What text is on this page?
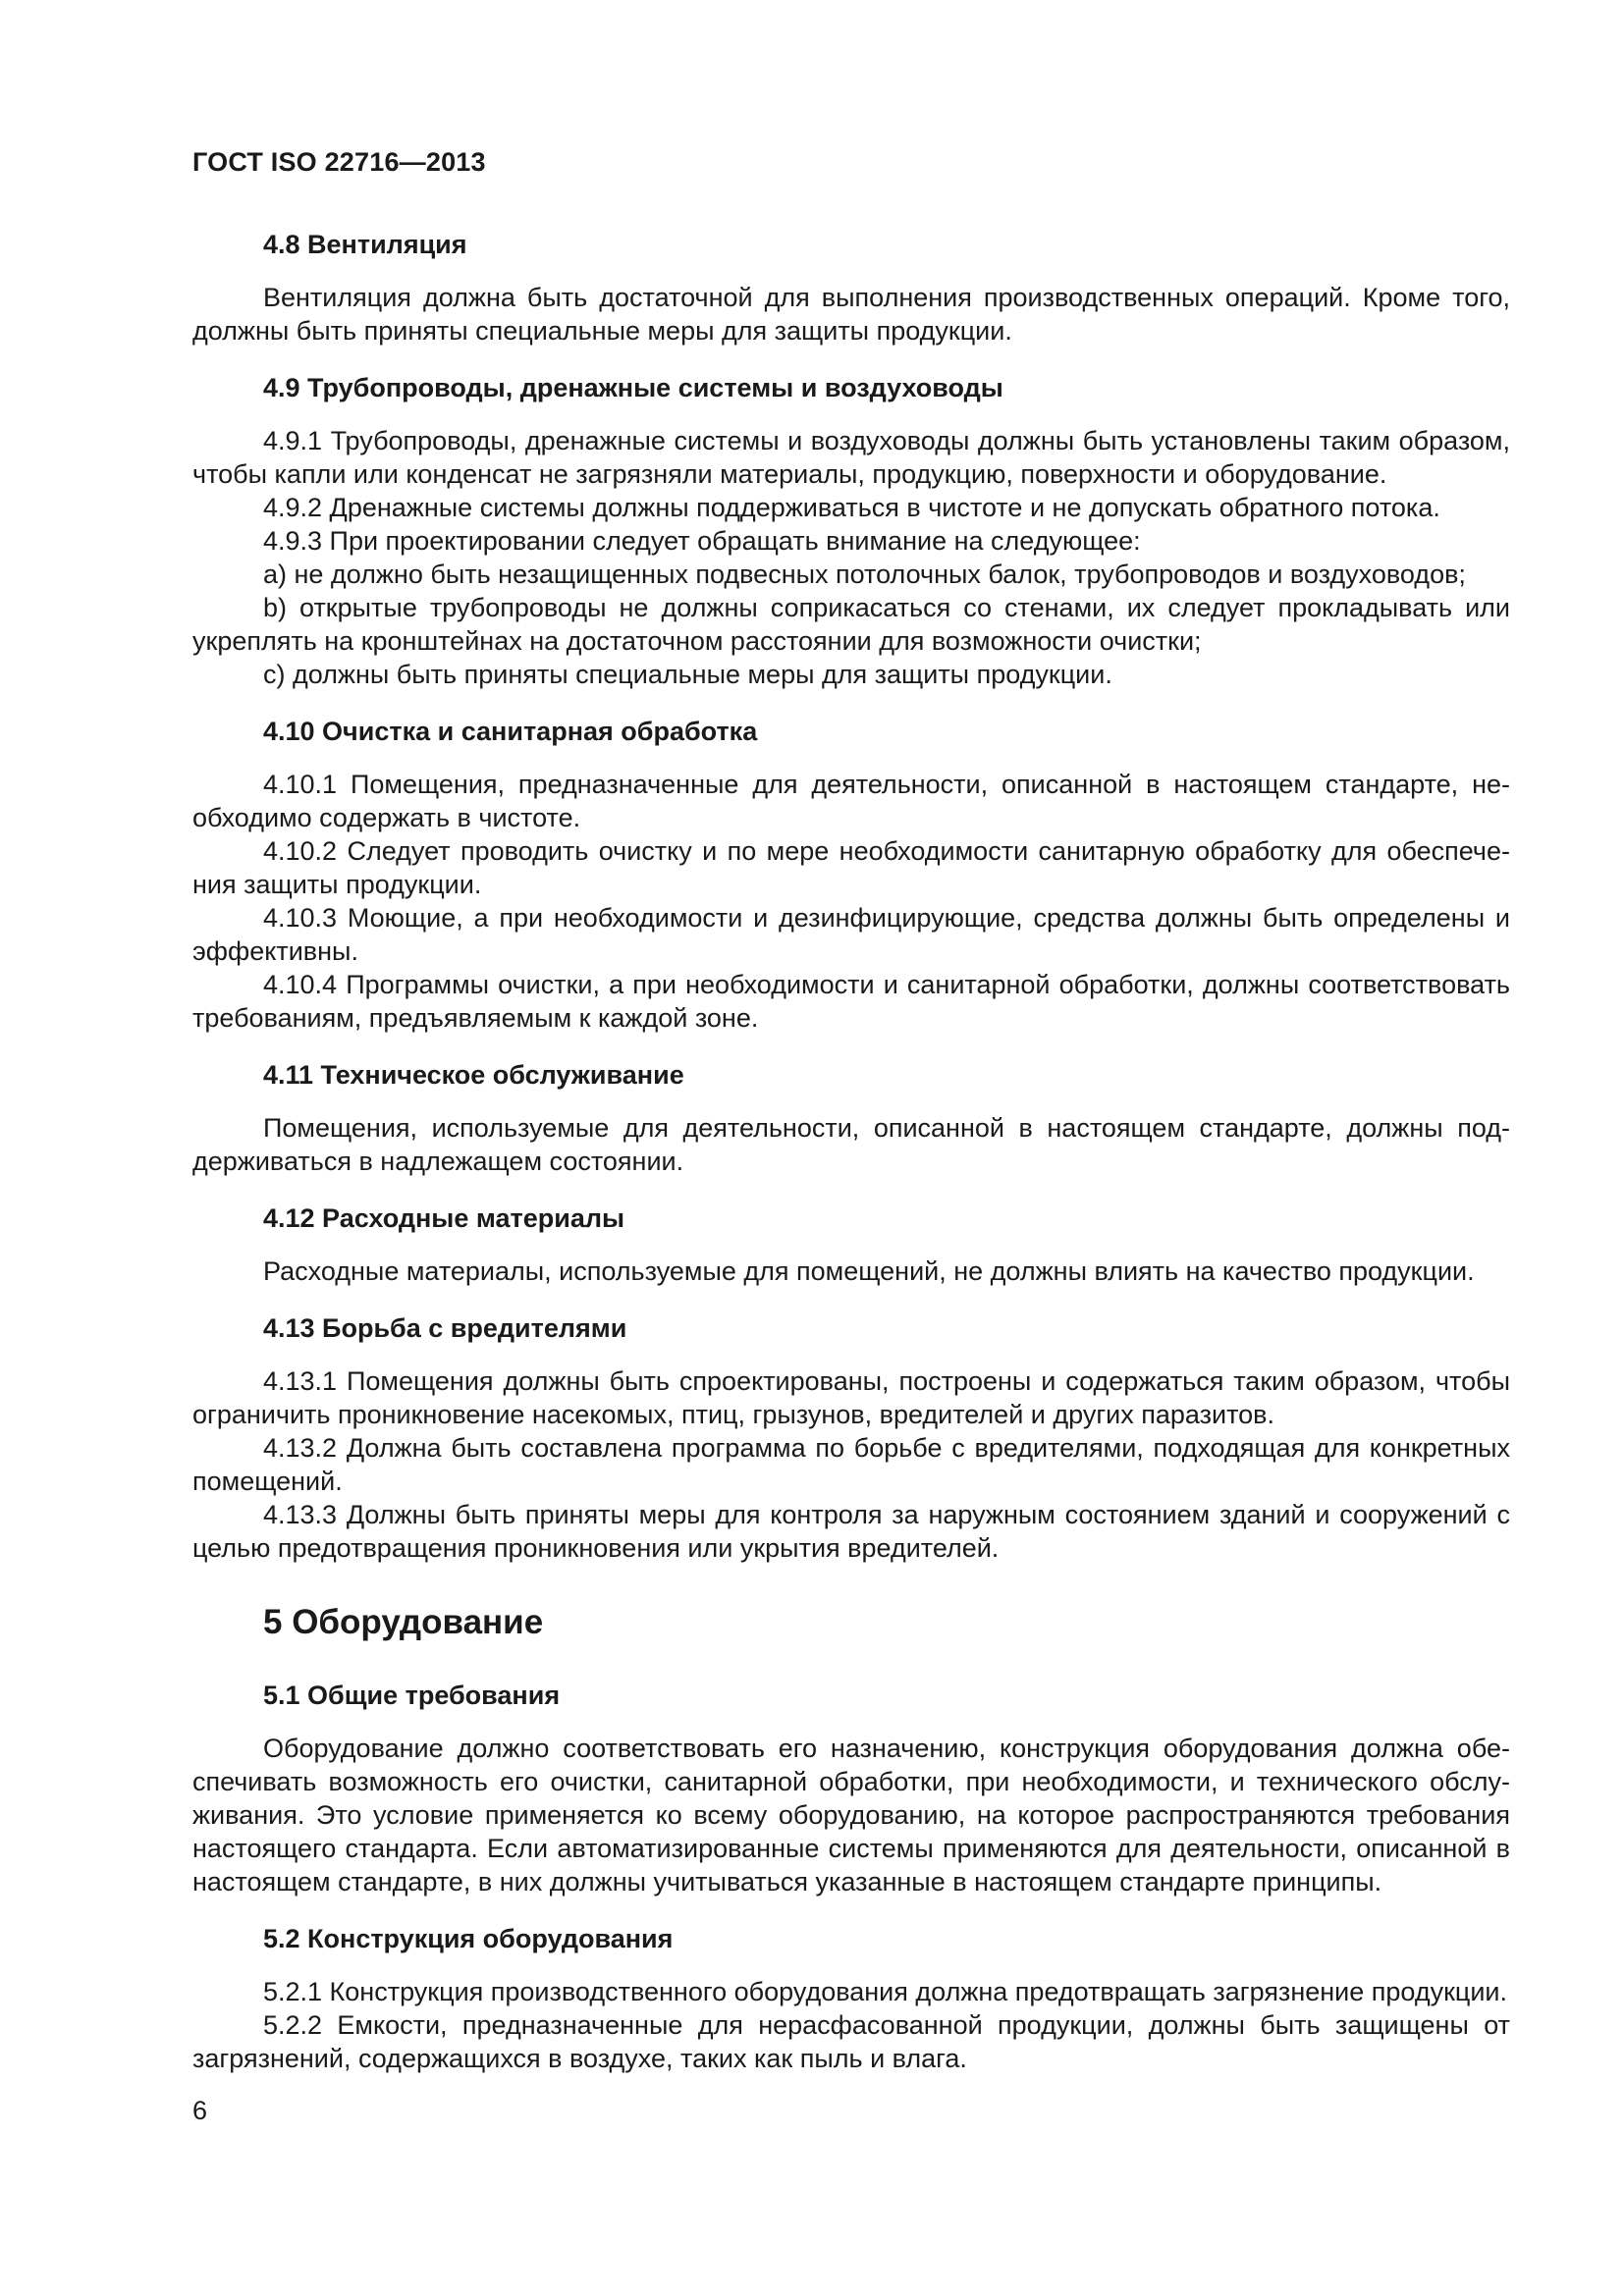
ГОСТ ISO 22716—2013
4.8 Вентиляция

Вентиляция должна быть достаточной для выполнения производственных операций. Кроме того, должны быть приняты специальные меры для защиты продукции.

4.9 Трубопроводы, дренажные системы и воздуховоды

4.9.1 Трубопроводы, дренажные системы и воздуховоды должны быть установлены таким образом, чтобы капли или конденсат не загрязняли материалы, продукцию, поверхности и оборудование.

4.9.2 Дренажные системы должны поддерживаться в чистоте и не допускать обратного потока.

4.9.3 При проектировании следует обращать внимание на следующее:

a) не должно быть незащищенных подвесных потолочных балок, трубопроводов и воздуховодов;

b) открытые трубопроводы не должны соприкасаться со стенами, их следует прокладывать или укреплять на кронштейнах на достаточном расстоянии для возможности очистки;

c) должны быть приняты специальные меры для защиты продукции.

4.10 Очистка и санитарная обработка

4.10.1 Помещения, предназначенные для деятельности, описанной в настоящем стандарте, необходимо содержать в чистоте.

4.10.2 Следует проводить очистку и по мере необходимости санитарную обработку для обеспечения защиты продукции.

4.10.3 Моющие, а при необходимости и дезинфицирующие, средства должны быть определены и эффективны.

4.10.4 Программы очистки, а при необходимости и санитарной обработки, должны соответствовать требованиям, предъявляемым к каждой зоне.

4.11 Техническое обслуживание

Помещения, используемые для деятельности, описанной в настоящем стандарте, должны поддерживаться в надлежащем состоянии.

4.12 Расходные материалы

Расходные материалы, используемые для помещений, не должны влиять на качество продукции.

4.13 Борьба с вредителями

4.13.1 Помещения должны быть спроектированы, построены и содержаться таким образом, чтобы ограничить проникновение насекомых, птиц, грызунов, вредителей и других паразитов.

4.13.2 Должна быть составлена программа по борьбе с вредителями, подходящая для конкретных помещений.

4.13.3 Должны быть приняты меры для контроля за наружным состоянием зданий и сооружений с целью предотвращения проникновения или укрытия вредителей.

5 Оборудование
5.1 Общие требования

Оборудование должно соответствовать его назначению, конструкция оборудования должна обеспечивать возможность его очистки, санитарной обработки, при необходимости, и технического обслуживания. Это условие применяется ко всему оборудованию, на которое распространяются требования настоящего стандарта. Если автоматизированные системы применяются для деятельности, описанной в настоящем стандарте, в них должны учитываться указанные в настоящем стандарте принципы.

5.2 Конструкция оборудования

5.2.1 Конструкция производственного оборудования должна предотвращать загрязнение продукции.

5.2.2 Емкости, предназначенные для нерасфасованной продукции, должны быть защищены от загрязнений, содержащихся в воздухе, таких как пыль и влага.

6
